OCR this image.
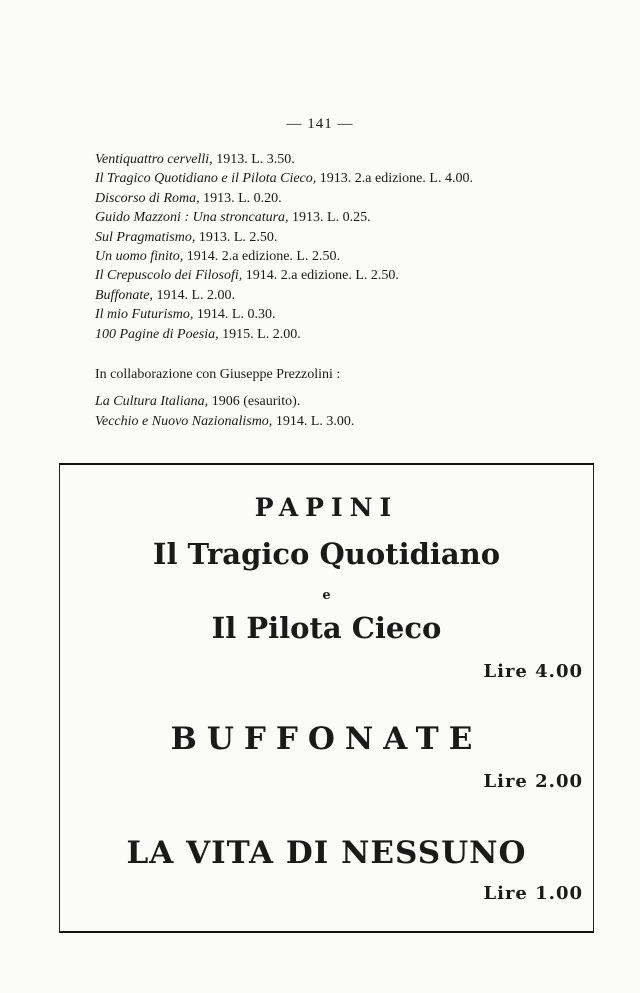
— 141 —
Ventiquattro cervelli, 1913. L. 3.50.
Il Tragico Quotidiano e il Pilota Cieco, 1913. 2.a edizione. L. 4.00.
Discorso di Roma, 1913. L. 0.20.
Guido Mazzoni : Una stroncatura, 1913. L. 0.25.
Sul Pragmatismo, 1913. L. 2.50.
Un uomo finito, 1914. 2.a edizione. L. 2.50.
Il Crepuscolo dei Filosofi, 1914. 2.a edizione. L. 2.50.
Buffonate, 1914. L. 2.00.
Il mio Futurismo, 1914. L. 0.30.
100 Pagine di Poesia, 1915. L. 2.00.
In collaborazione con Giuseppe Prezzolini :
La Cultura Italiana, 1906 (esaurito).
Vecchio e Nuovo Nazionalismo, 1914. L. 3.00.
PAPINI
Il Tragico Quotidiano
e
Il Pilota Cieco
Lire 4.00
BUFFONATE
Lire 2.00
LA VITA DI NESSUNO
Lire 1.00
